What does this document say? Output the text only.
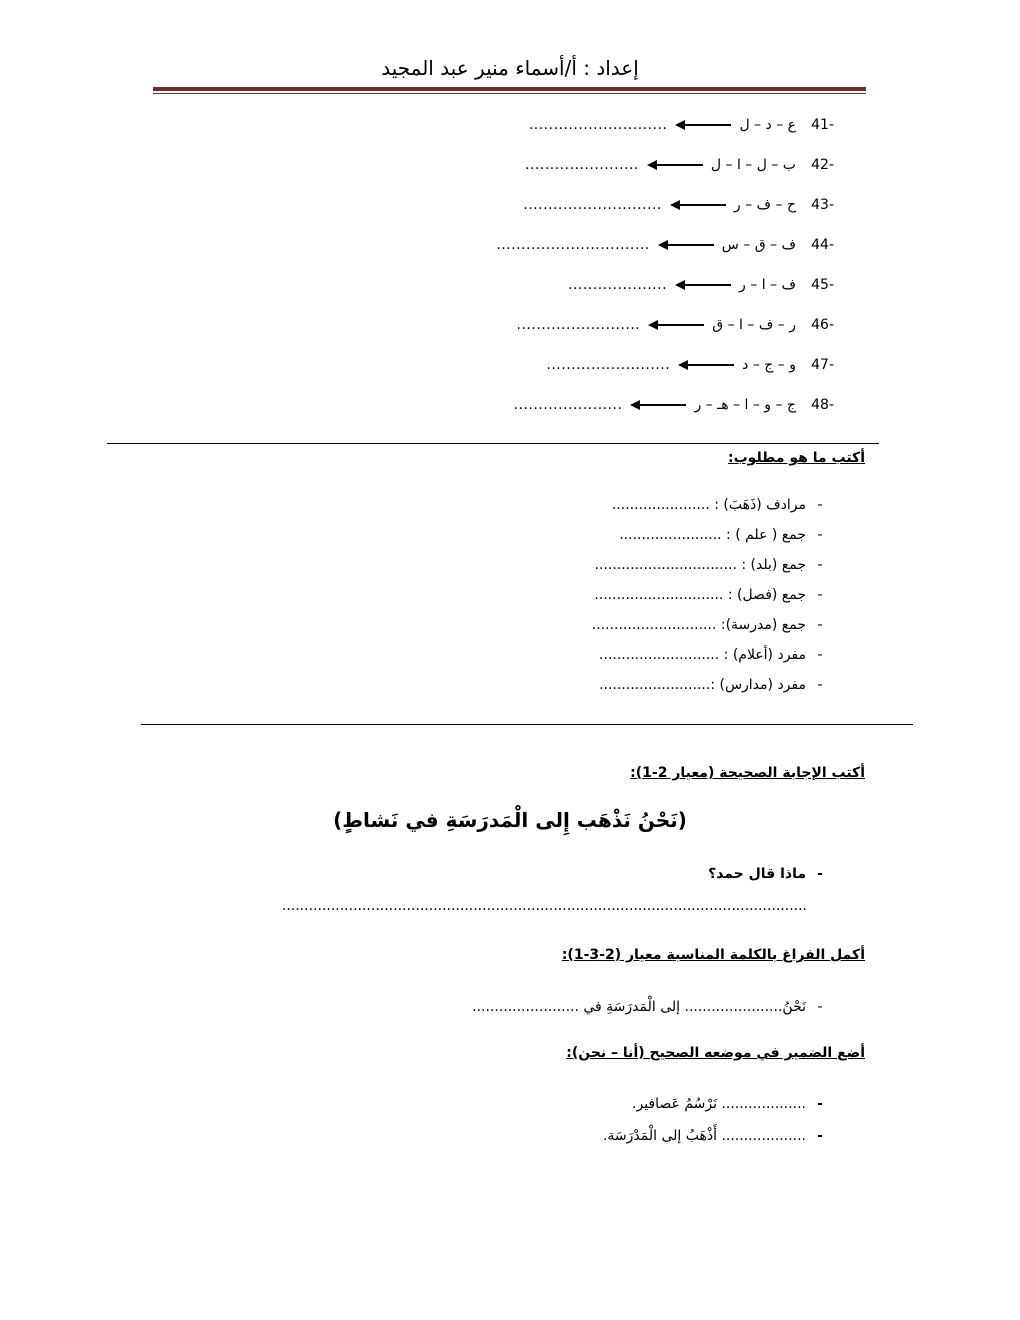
إعداد : أ/أسماء منير عبد المجيد
41-
ع – د – ل
............................
42-
ب – ل – ا – ل
.......................
43-
ح – ف – ر
............................
44-
ف – ق – س
...............................
45-
ف – ا – ر
....................
46-
ر – ف – ا – ق
.........................
47-
و – ج – د
.........................
48-
ج – و – ا – هـ – ر
......................
أكتب ما هو مطلوب:
-
مرادف (ذَهَبَ) : ......................
-
جمع ( علم ) : .......................
-
جمع (بلد) : ................................
-
جمع (فصل) : .............................
-
جمع (مدرسة): ............................
-
مفرد (أعلام) : ...........................
-
مفرد (مدارس) :.........................
أكتب الإجابة الصحيحة (معيار 2-1):
(نَحْنُ نَذْهَب إِلى الْمَدرَسَةِ في نَشاطٍ)
-
ماذا قال حمد؟
......................................................................................................................
أكمل الفراغ بالكلمة المناسبة معيار (2-3-1):
-
نَحْنُ...................... إلى الْمَدرَسَةِ في ........................
أضع الضمير في موضعه الصحيح (أنا – نحن):
-
................... نَرْسُمُ عَصافير.
-
................... أَذْهَبُ إلى الْمَدْرَسَة.
